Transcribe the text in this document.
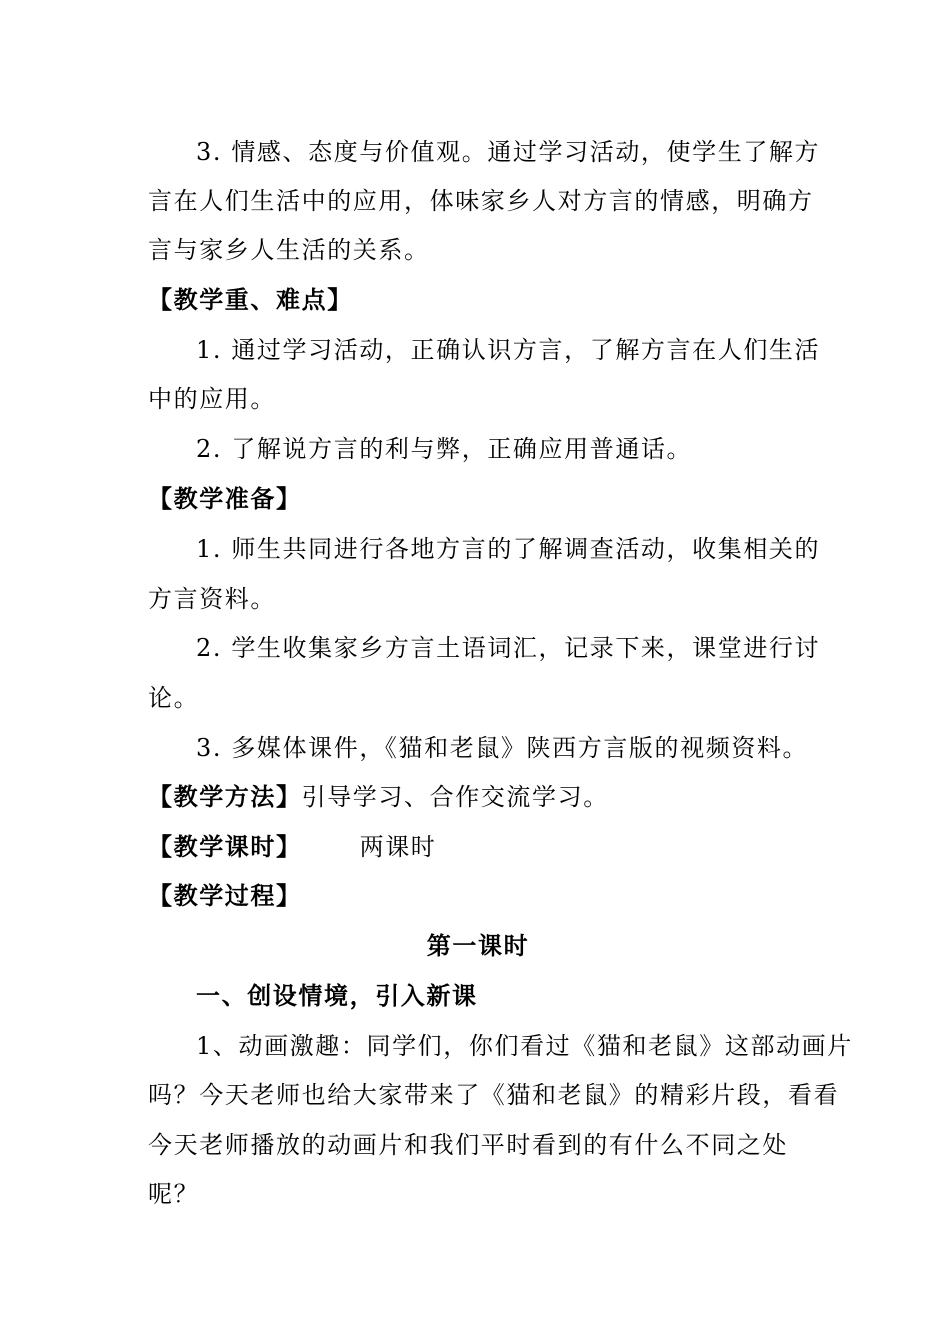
3. 情感、态度与价值观。通过学习活动，使学生了解方
言在人们生活中的应用，体味家乡人对方言的情感，明确方
言与家乡人生活的关系。
【教学重、难点】
1. 通过学习活动，正确认识方言，了解方言在人们生活
中的应用。
2. 了解说方言的利与弊，正确应用普通话。
【教学准备】
1. 师生共同进行各地方言的了解调查活动，收集相关的
方言资料。
2. 学生收集家乡方言土语词汇，记录下来，课堂进行讨
论。
3. 多媒体课件，《猫和老鼠》陕西方言版的视频资料。
【教学方法】引导学习、合作交流学习。
【教学课时】 两课时
【教学过程】
第一课时
一、创设情境，引入新课
1、动画激趣：同学们，你们看过《猫和老鼠》这部动画片
吗？今天老师也给大家带来了《猫和老鼠》的精彩片段，看看
今天老师播放的动画片和我们平时看到的有什么不同之处
呢？
